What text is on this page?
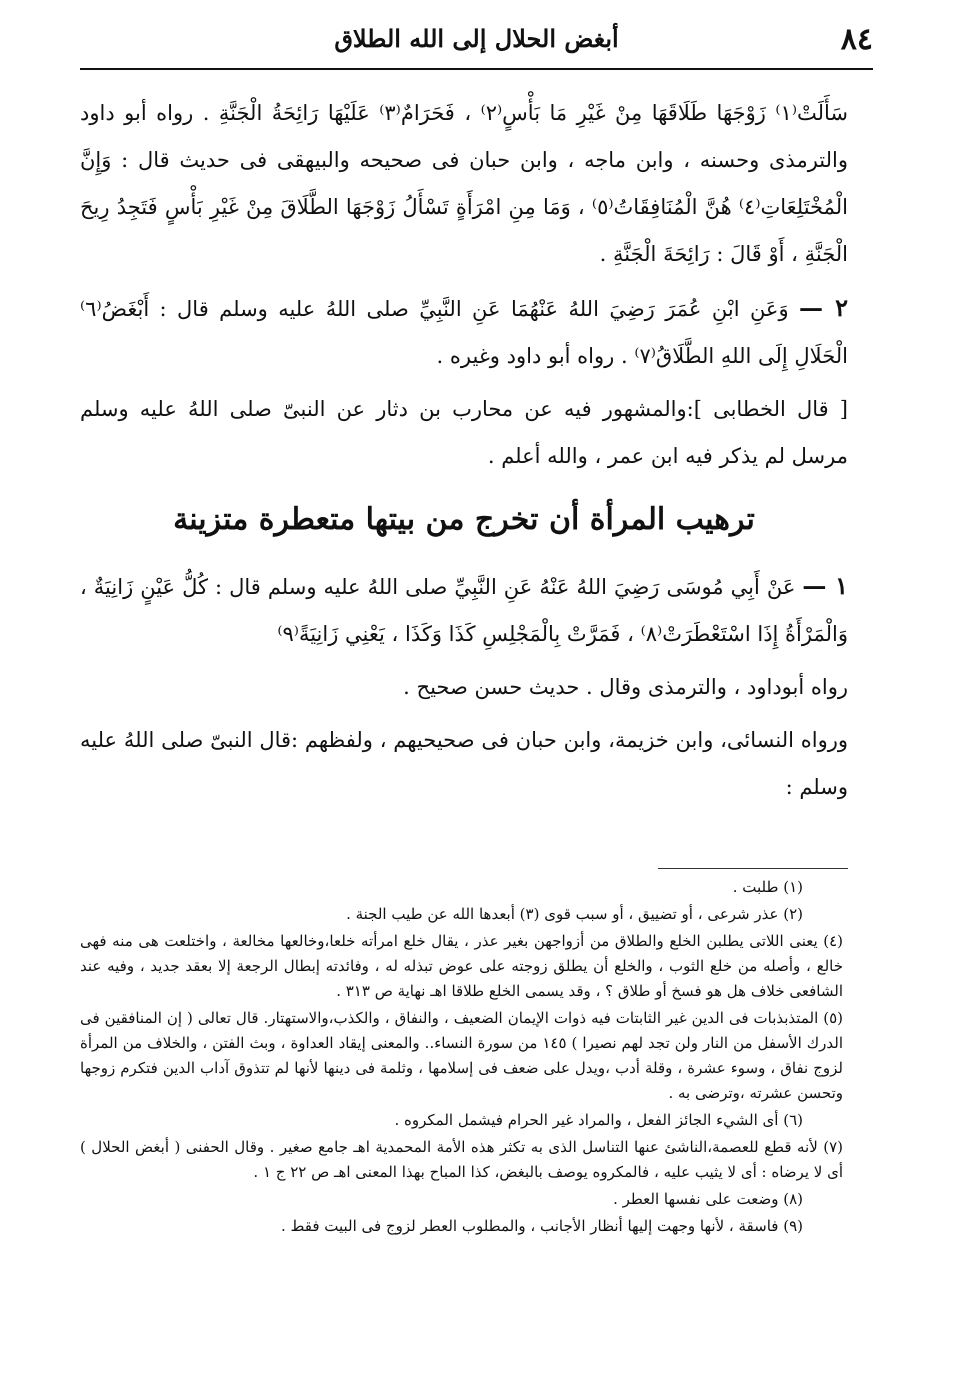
٨٤
أبغض الحلال إلى الله الطلاق

سَأَلَتْ⁽١⁾ زَوْجَهَا طَلَاقَهَا مِنْ غَيْرِ مَا بَأْسٍ⁽٢⁾ ، فَحَرَامٌ⁽٣⁾ عَلَيْهَا رَائِحَةُ الْجَنَّةِ . رواه أبو داود والترمذى وحسنه ، وابن ماجه ، وابن حبان فى صحيحه والبيهقى فى حديث قال : وَإِنَّ الْمُخْتَلِعَاتِ⁽٤⁾ هُنَّ الْمُنَافِقَاتُ⁽٥⁾ ، وَمَا مِنِ امْرَأَةٍ تَسْأَلُ زَوْجَهَا الطَّلَاقَ مِنْ غَيْرِ بَأْسٍ فَتَجِدُ رِيحَ الْجَنَّةِ ، أَوْ قَالَ : رَائِحَةَ الْجَنَّةِ .

٢ — وَعَنِ ابْنِ عُمَرَ رَضِيَ اللهُ عَنْهُمَا عَنِ النَّبِيِّ صلى اللهُ عليه وسلم قال : أَبْغَضُ⁽٦⁾ الْحَلَالِ إِلَى اللهِ الطَّلَاقُ⁽٧⁾ . رواه أبو داود وغيره .

[ قال الخطابى ]:والمشهور فيه عن محارب بن دثار عن النبىّ صلى اللهُ عليه وسلم مرسل لم يذكر فيه ابن عمر ، والله أعلم .

ترهيب المرأة أن تخرج من بيتها متعطرة متزينة

١ — عَنْ أَبِي مُوسَى رَضِيَ اللهُ عَنْهُ عَنِ النَّبِيِّ صلى اللهُ عليه وسلم قال : كُلُّ عَيْنٍ زَانِيَةٌ ، وَالْمَرْأَةُ إِذَا اسْتَعْطَرَتْ⁽٨⁾ ، فَمَرَّتْ بِالْمَجْلِسِ كَذَا وَكَذَا ، يَعْنِي زَانِيَةً⁽٩⁾

رواه أبوداود ، والترمذى وقال . حديث حسن صحيح .

ورواه النسائى، وابن خزيمة، وابن حبان فى صحيحيهم ، ولفظهم :قال النبىّ صلى اللهُ عليه وسلم :

(١) طلبت .

(٢) عذر شرعى ، أو تضييق ، أو سبب قوى (٣) أبعدها الله عن طيب الجنة .

(٤) يعنى اللاتى يطلبن الخلع والطلاق من أزواجهن بغير عذر ، يقال خلع امرأته خلعا،وخالعها مخالعة ، واختلعت هى منه فهى خالع ، وأصله من خلع الثوب ، والخلع أن يطلق زوجته على عوض تبذله له ، وفائدته إبطال الرجعة إلا بعقد جديد ، وفيه عند الشافعى خلاف هل هو فسخ أو طلاق ؟ ، وقد يسمى الخلع طلاقا اهـ نهاية ص ٣١٣ .

(٥) المتذبذبات فى الدين غير الثابتات فيه ذوات الإيمان الضعيف ، والنفاق ، والكذب،والاستهتار. قال تعالى ( إن المنافقين فى الدرك الأسفل من النار ولن تجد لهم نصيرا ) ١٤٥ من سورة النساء.. والمعنى إيقاد العداوة ، وبث الفتن ، والخلاف من المرأة لزوج نفاق ، وسوء عشرة ، وقلة أدب ،ويدل على ضعف فى إسلامها ، وثلمة فى دينها لأنها لم تتذوق آداب الدين فتكرم زوجها وتحسن عشرته ،وترضى به .

(٦) أى الشيء الجائز الفعل ، والمراد غير الحرام فيشمل المكروه .

(٧) لأنه قطع للعصمة،الناشئ عنها التناسل الذى به تكثر هذه الأمة المحمدية اهـ جامع صغير . وقال الحفنى ( أبغض الحلال ) أى لا يرضاه : أى لا يثيب عليه ، فالمكروه يوصف بالبغض، كذا المباح بهذا المعنى اهـ ص ٢٢ ج ١ .

(٨) وضعت على نفسها العطر .

(٩) فاسقة ، لأنها وجهت إليها أنظار الأجانب ، والمطلوب العطر لزوج فى البيت فقط .
